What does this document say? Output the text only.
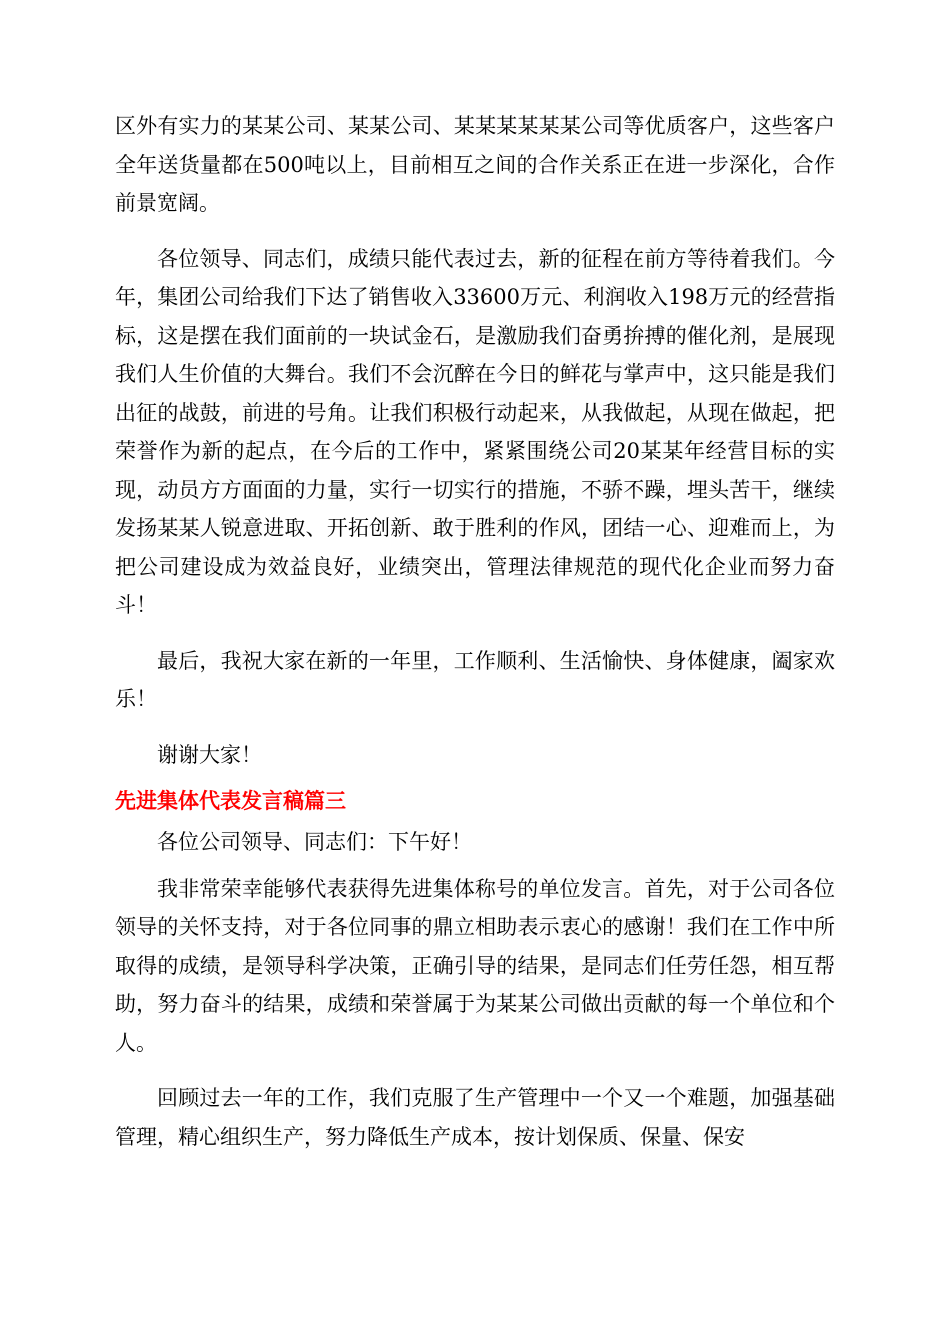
区外有实力的某某公司、某某公司、某某某某某某公司等优质客户，这些客户全年送货量都在500吨以上，目前相互之间的合作关系正在进一步深化，合作前景宽阔。

各位领导、同志们，成绩只能代表过去，新的征程在前方等待着我们。今年，集团公司给我们下达了销售收入33600万元、利润收入198万元的经营指标，这是摆在我们面前的一块试金石，是激励我们奋勇拚搏的催化剂，是展现我们人生价值的大舞台。我们不会沉醉在今日的鲜花与掌声中，这只能是我们出征的战鼓，前进的号角。让我们积极行动起来，从我做起，从现在做起，把荣誉作为新的起点，在今后的工作中，紧紧围绕公司20某某年经营目标的实现，动员方方面面的力量，实行一切实行的措施，不骄不躁，埋头苦干，继续发扬某某人锐意进取、开拓创新、敢于胜利的作风，团结一心、迎难而上，为把公司建设成为效益良好，业绩突出，管理法律规范的现代化企业而努力奋斗！

最后，我祝大家在新的一年里，工作顺利、生活愉快、身体健康，阖家欢乐！

谢谢大家！

先进集体代表发言稿篇三

各位公司领导、同志们：下午好！

我非常荣幸能够代表获得先进集体称号的单位发言。首先，对于公司各位领导的关怀支持，对于各位同事的鼎立相助表示衷心的感谢！我们在工作中所取得的成绩，是领导科学决策，正确引导的结果，是同志们任劳任怨，相互帮助，努力奋斗的结果，成绩和荣誉属于为某某公司做出贡献的每一个单位和个人。

回顾过去一年的工作，我们克服了生产管理中一个又一个难题，加强基础管理，精心组织生产，努力降低生产成本，按计划保质、保量、保安
